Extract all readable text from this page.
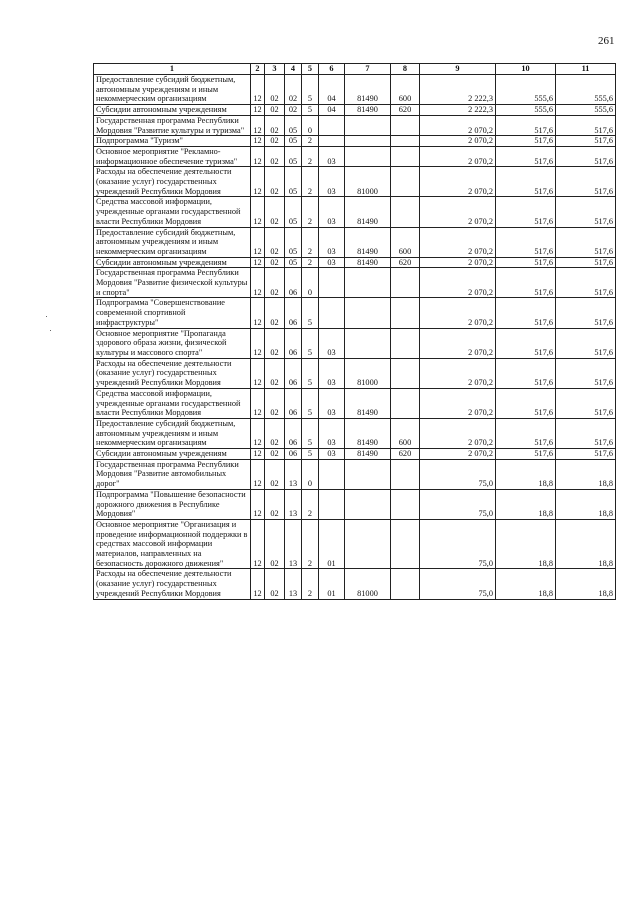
261
1	2	3	4	5	6	7	8	9	10	11
Предоставление субсидий бюджетным, автономным учреждениям и иным некоммерческим организациям	12	02	02	5	04	81490	600	2 222,3	555,6	555,6
Субсидии автономным учреждениям	12	02	02	5	04	81490	620	2 222,3	555,6	555,6
Государственная программа Республики Мордовия "Развитие культуры и туризма"	12	02	05	0				2 070,2	517,6	517,6
Подпрограмма "Туризм"	12	02	05	2				2 070,2	517,6	517,6
Основное мероприятие "Рекламно-информационное обеспечение туризма"	12	02	05	2	03			2 070,2	517,6	517,6
Расходы на обеспечение деятельности (оказание услуг) государственных учреждений Республики Мордовия	12	02	05	2	03	81000		2 070,2	517,6	517,6
Средства массовой информации, учрежденные органами государственной власти Республики Мордовия	12	02	05	2	03	81490		2 070,2	517,6	517,6
Предоставление субсидий бюджетным, автономным учреждениям и иным некоммерческим организациям	12	02	05	2	03	81490	600	2 070,2	517,6	517,6
Субсидии автономным учреждениям	12	02	05	2	03	81490	620	2 070,2	517,6	517,6
Государственная программа Республики Мордовия "Развитие физической культуры и спорта"	12	02	06	0				2 070,2	517,6	517,6
Подпрограмма "Совершенствование современной спортивной инфраструктуры"	12	02	06	5				2 070,2	517,6	517,6
Основное мероприятие "Пропаганда здорового образа жизни, физической культуры и массового спорта"	12	02	06	5	03			2 070,2	517,6	517,6
Расходы на обеспечение деятельности (оказание услуг) государственных учреждений Республики Мордовия	12	02	06	5	03	81000		2 070,2	517,6	517,6
Средства массовой информации, учрежденные органами государственной власти Республики Мордовия	12	02	06	5	03	81490		2 070,2	517,6	517,6
Предоставление субсидий бюджетным, автономным учреждениям и иным некоммерческим организациям	12	02	06	5	03	81490	600	2 070,2	517,6	517,6
Субсидии автономным учреждениям	12	02	06	5	03	81490	620	2 070,2	517,6	517,6
Государственная программа Республики Мордовия "Развитие автомобильных дорог"	12	02	13	0				75,0	18,8	18,8
Подпрограмма "Повышение безопасности дорожного движения в Республике Мордовия"	12	02	13	2				75,0	18,8	18,8
Основное мероприятие "Организация и проведение информационной поддержки в средствах массовой информации материалов, направленных на безопасность дорожного движения"	12	02	13	2	01			75,0	18,8	18,8
Расходы на обеспечение деятельности (оказание услуг) государственных учреждений Республики Мордовия	12	02	13	2	01	81000		75,0	18,8	18,8
